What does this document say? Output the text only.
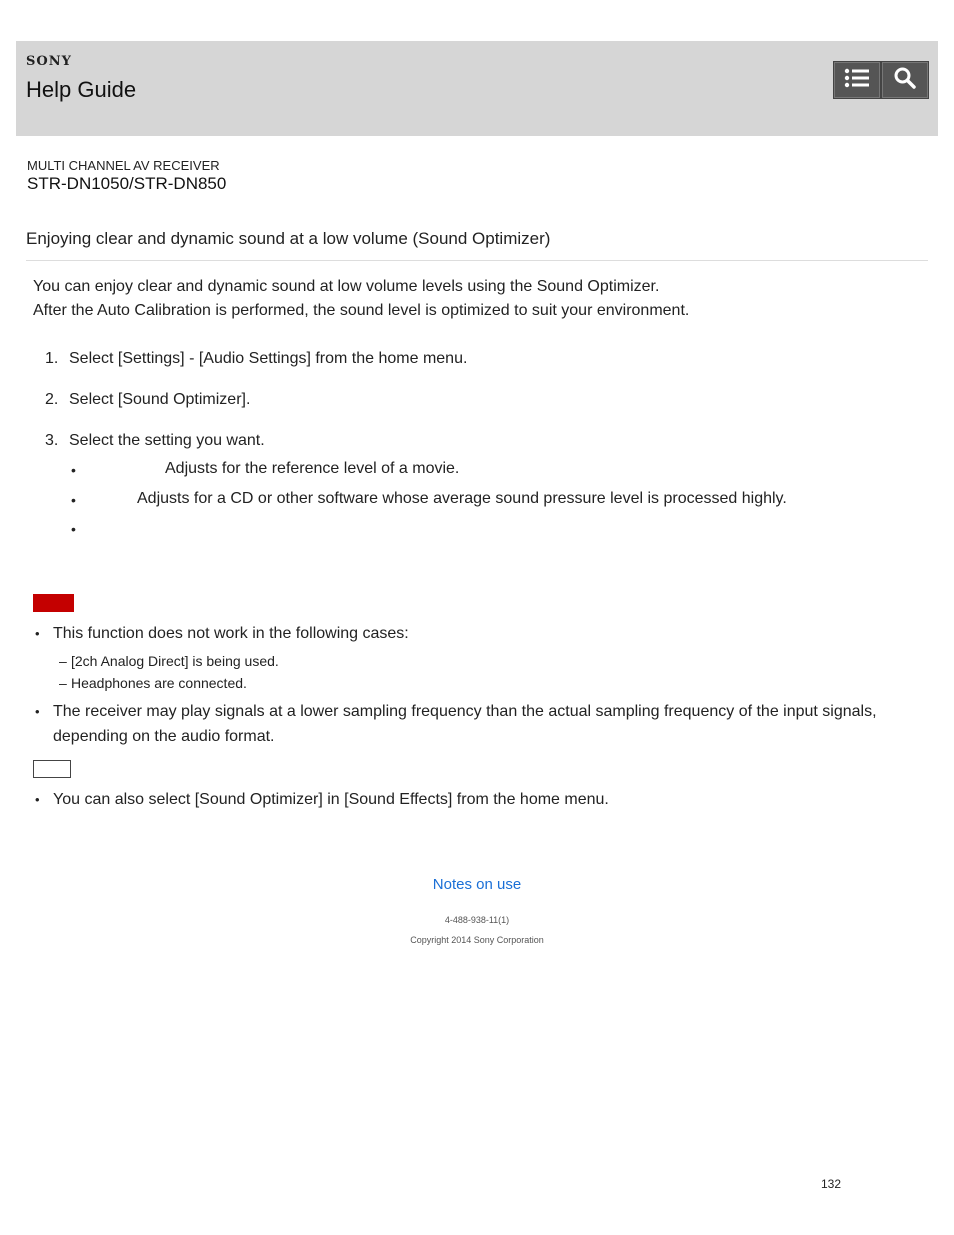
SONY
Help Guide
MULTI CHANNEL AV RECEIVER
STR-DN1050/STR-DN850
Enjoying clear and dynamic sound at a low volume (Sound Optimizer)
You can enjoy clear and dynamic sound at low volume levels using the Sound Optimizer.
After the Auto Calibration is performed, the sound level is optimized to suit your environment.
1. Select [Settings] - [Audio Settings] from the home menu.
2. Select [Sound Optimizer].
3. Select the setting you want.
•	Adjusts for the reference level of a movie.
•	Adjusts for a CD or other software whose average sound pressure level is processed highly.
•
• This function does not work in the following cases:
– [2ch Analog Direct] is being used.
– Headphones are connected.
• The receiver may play signals at a lower sampling frequency than the actual sampling frequency of the input signals,
depending on the audio format.
• You can also select [Sound Optimizer] in [Sound Effects] from the home menu.
Notes on use
4-488-938-11(1)
Copyright 2014 Sony Corporation
132
